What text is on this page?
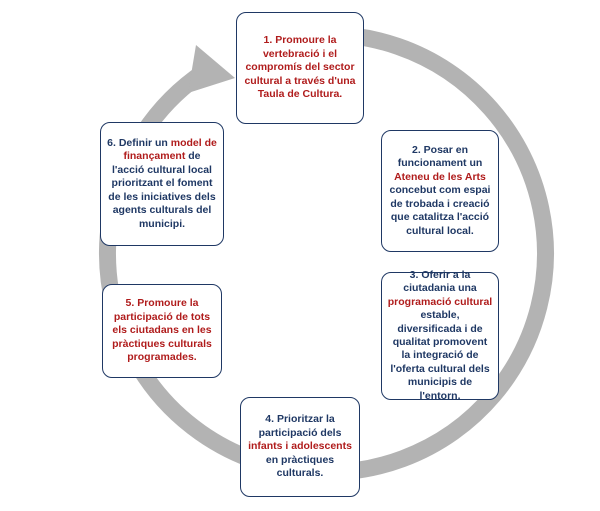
1. Promoure la vertebració i el compromís del sector cultural a través d'una Taula de Cultura.
2. Posar en funcionament un Ateneu de les Arts concebut com espai de trobada i creació que catalitza l'acció cultural local.
3. Oferir a la ciutadania una programació cultural estable, diversificada i de qualitat promovent la integració de l'oferta cultural dels municipis de l'entorn.
4. Prioritzar la participació dels infants i adolescents en pràctiques culturals.
5. Promoure la participació de tots els ciutadans en les pràctiques culturals programades.
6. Definir un model de finançament de l'acció cultural local prioritzant el foment de les iniciatives dels agents culturals del municipi.
